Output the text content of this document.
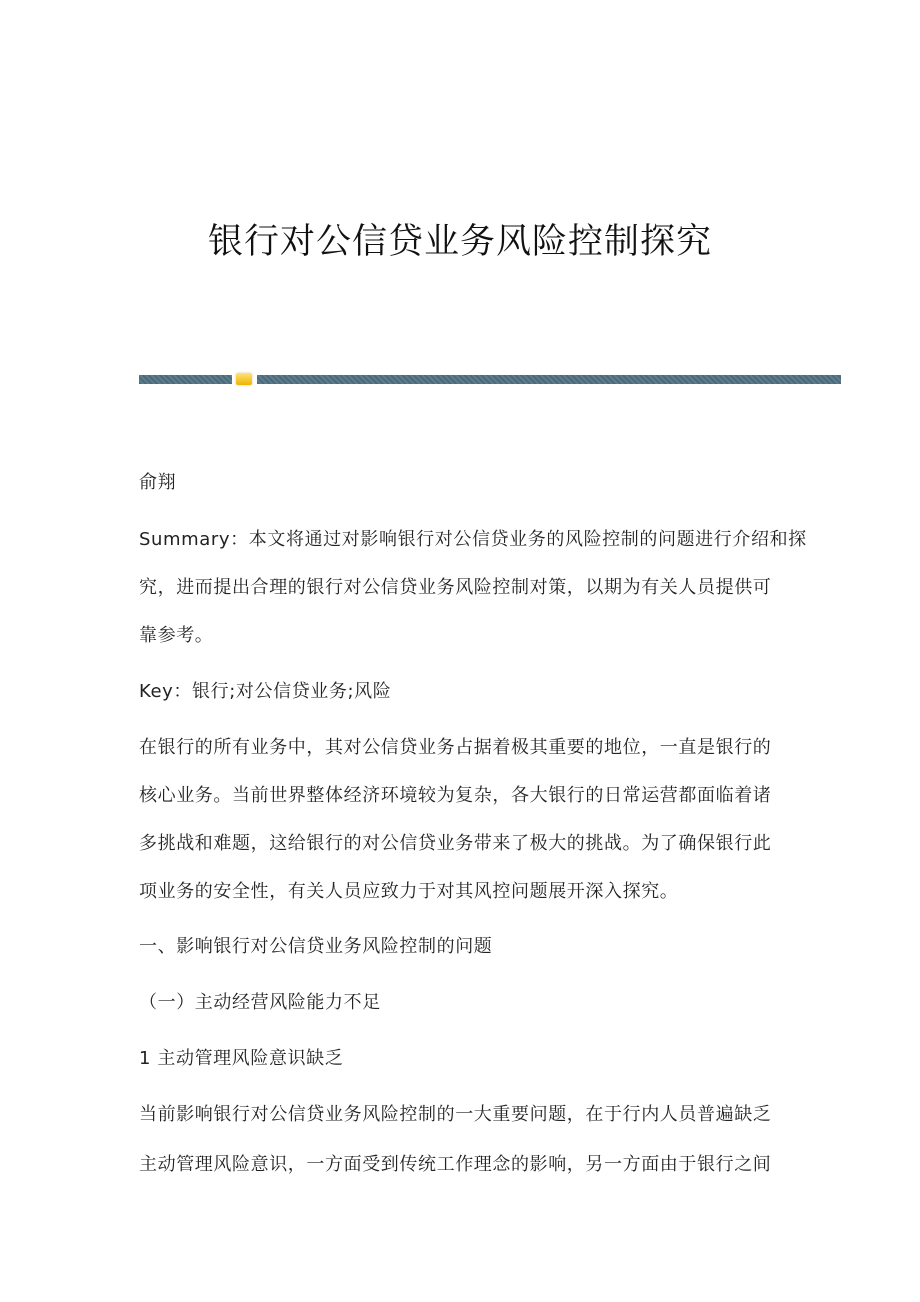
银行对公信贷业务风险控制探究
俞翔
Summary：本文将通过对影响银行对公信贷业务的风险控制的问题进行介绍和探
究，进而提出合理的银行对公信贷业务风险控制对策，以期为有关人员提供可
靠参考。
Key：银行;对公信贷业务;风险
在银行的所有业务中，其对公信贷业务占据着极其重要的地位，一直是银行的
核心业务。当前世界整体经济环境较为复杂，各大银行的日常运营都面临着诸
多挑战和难题，这给银行的对公信贷业务带来了极大的挑战。为了确保银行此
项业务的安全性，有关人员应致力于对其风控问题展开深入探究。
一、影响银行对公信贷业务风险控制的问题
（一）主动经营风险能力不足
1 主动管理风险意识缺乏
当前影响银行对公信贷业务风险控制的一大重要问题，在于行内人员普遍缺乏
主动管理风险意识，一方面受到传统工作理念的影响，另一方面由于银行之间
